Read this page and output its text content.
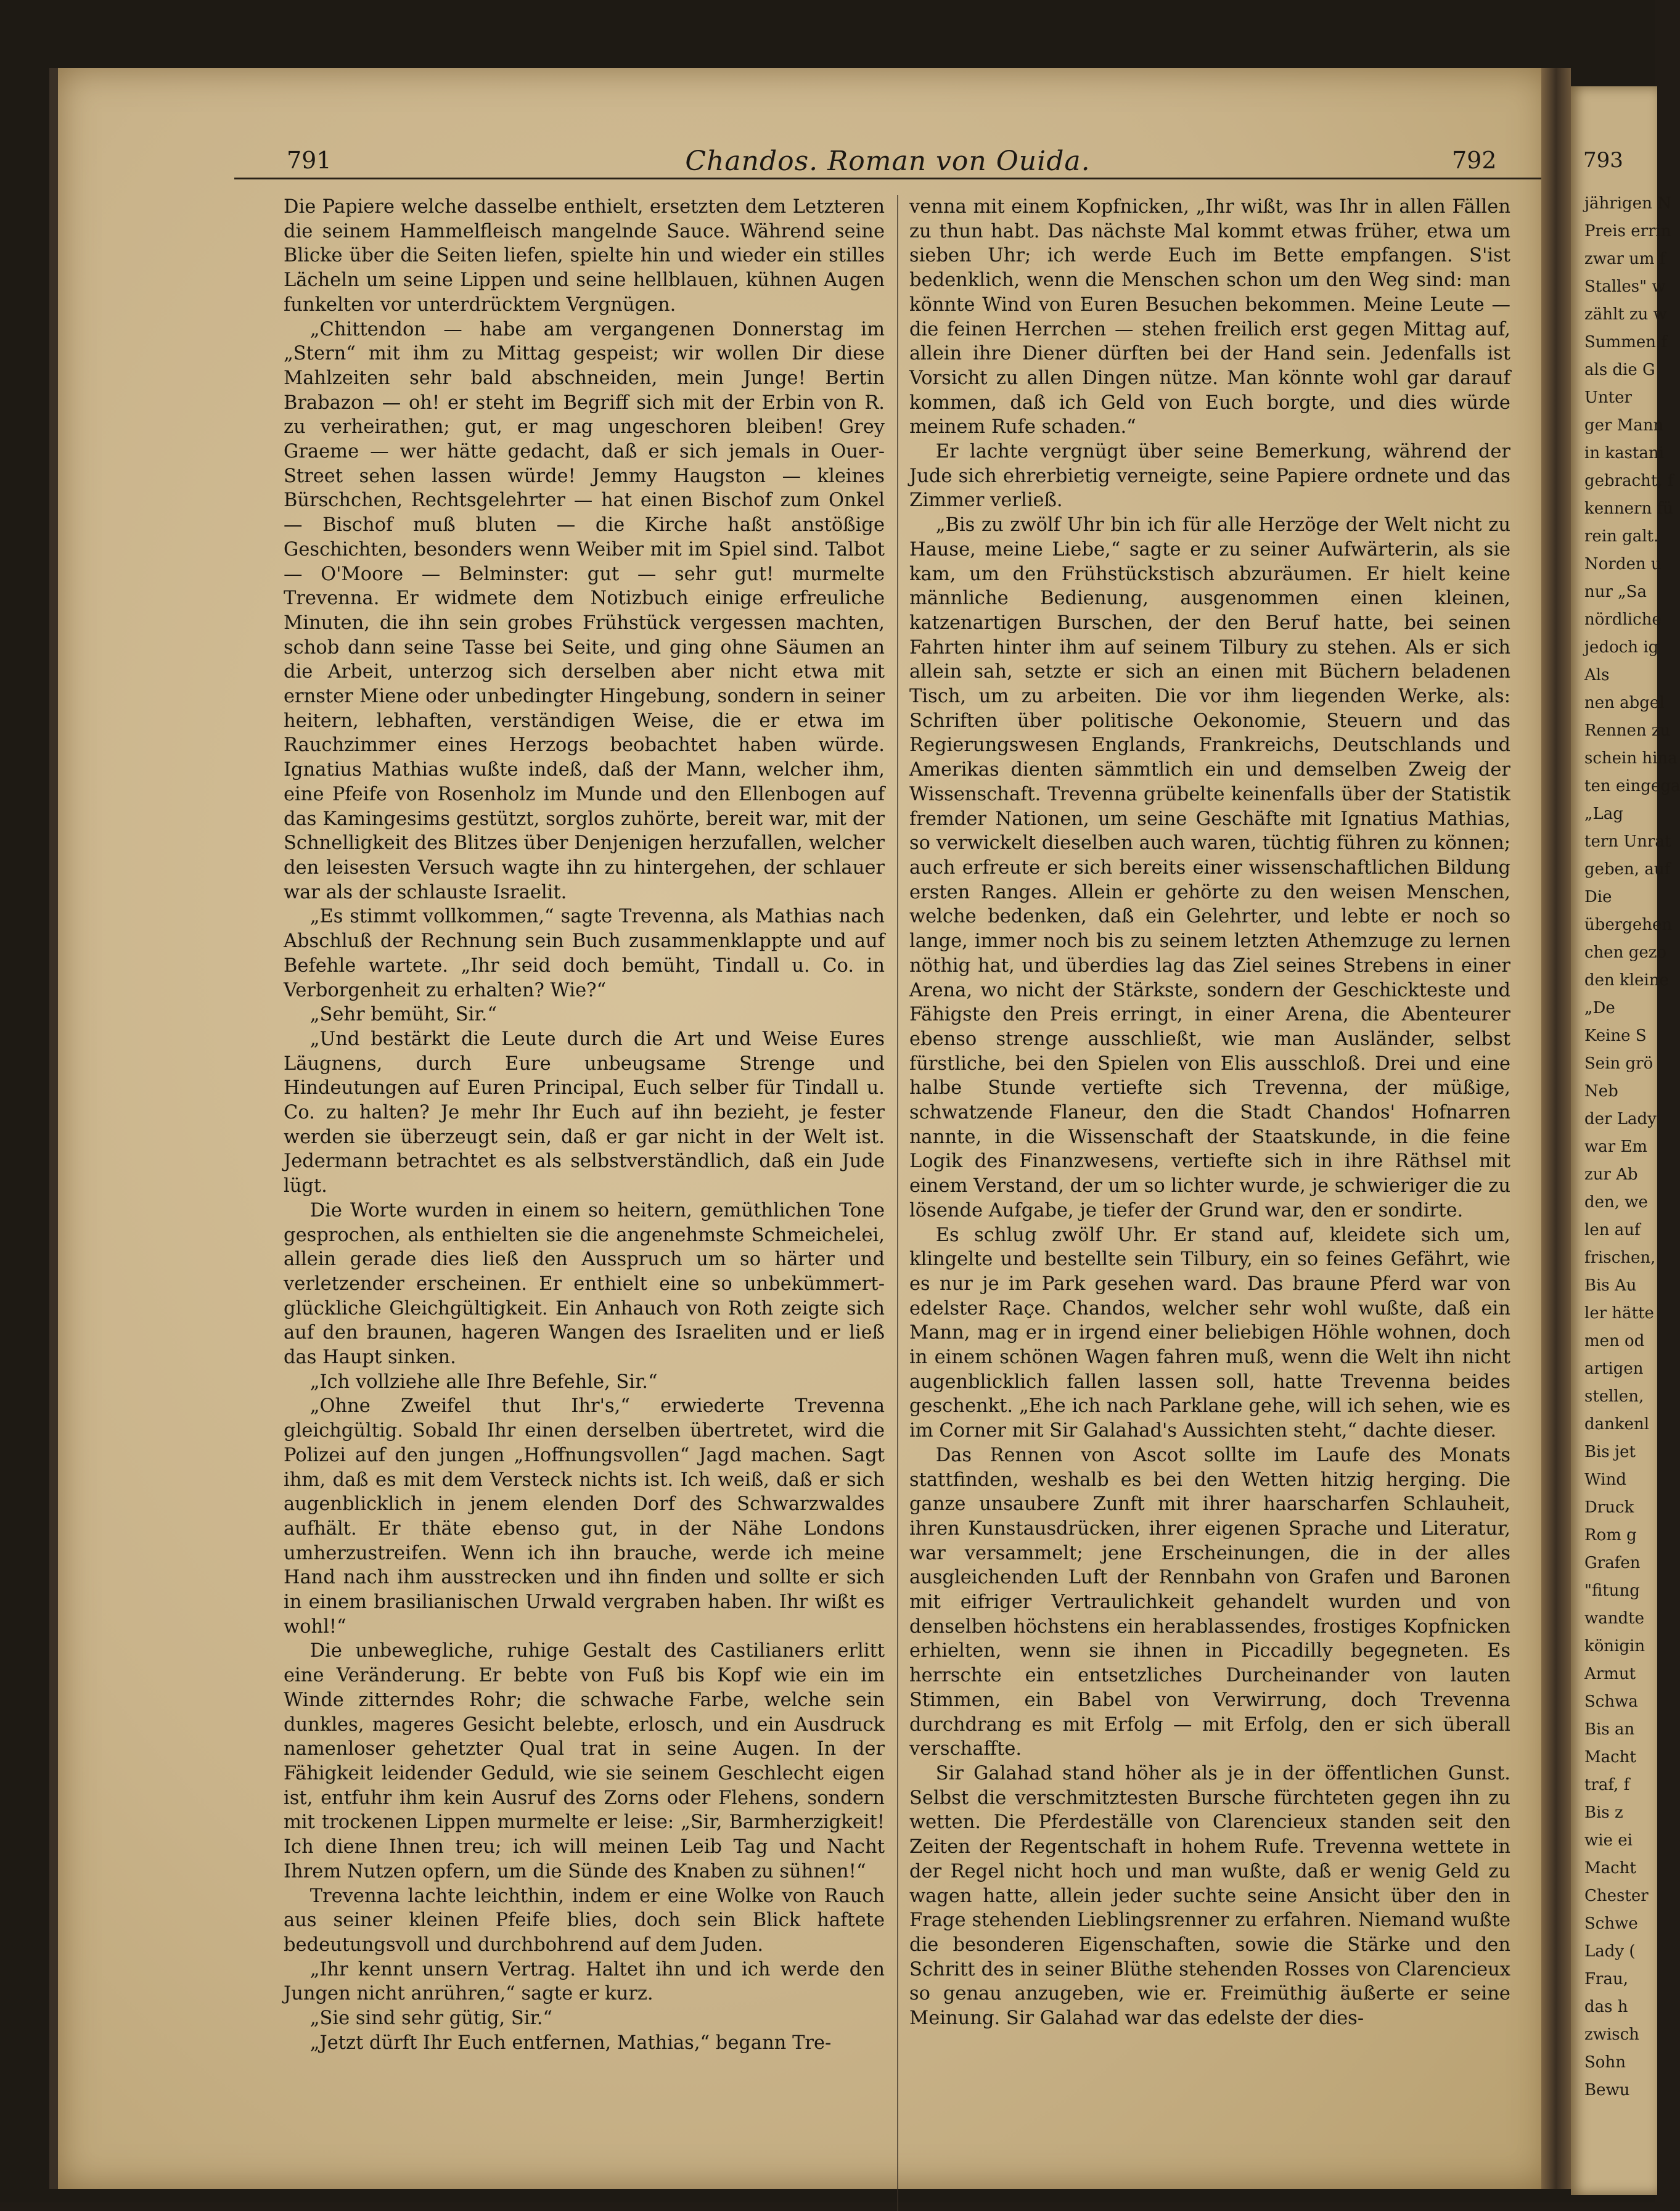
793
jährigen N
Preis errin
zwar um f
Stalles" w
zählt zu w
Summen f
als die G
Unter
ger Mann
in kastani
gebracht, f
kennern fü
rein galt.
Norden u
nur „Sa
nördliche
jedoch ig
Als
nen abgel
Rennen zu
schein hina
ten eingega
„Lag
tern Unrat
geben, auf
Die
übergehen
chen gezo
den kleine
„De
Keine S
Sein grö
Neb
der Lady
war Em
zur Ab
den, we
len auf
frischen,
Bis Au
ler hätte
men od
artigen
stellen,
dankenl
Bis jet
Wind
Druck
Rom g
Grafen
"fitung
wandte
königin
Armut
Schwa
Bis an
Macht
traf, f
Bis z
wie ei
Macht
Chester
Schwe
Lady (
Frau,
das h
zwisch
Sohn
Bewu
791	Chandos. Roman von Ouida.	792

Die Papiere welche dasselbe enthielt, ersetzten dem Letzteren die seinem Hammelfleisch mangelnde Sauce. Während seine Blicke über die Seiten liefen, spielte hin und wieder ein stilles Lächeln um seine Lippen und seine hellblauen, kühnen Augen funkelten vor unterdrücktem Vergnügen.

„Chittendon — habe am vergangenen Donnerstag im „Stern“ mit ihm zu Mittag gespeist; wir wollen Dir diese Mahlzeiten sehr bald abschneiden, mein Junge! Bertin Brabazon — oh! er steht im Begriff sich mit der Erbin von R. zu verheirathen; gut, er mag ungeschoren bleiben! Grey Graeme — wer hätte gedacht, daß er sich jemals in Ouer-Street sehen lassen würde! Jemmy Haugston — kleines Bürschchen, Rechtsgelehrter — hat einen Bischof zum Onkel — Bischof muß bluten — die Kirche haßt anstößige Geschichten, besonders wenn Weiber mit im Spiel sind. Talbot — O'Moore — Belminster: gut — sehr gut! murmelte Trevenna. Er widmete dem Notizbuch einige erfreuliche Minuten, die ihn sein grobes Frühstück vergessen machten, schob dann seine Tasse bei Seite, und ging ohne Säumen an die Arbeit, unterzog sich derselben aber nicht etwa mit ernster Miene oder unbedingter Hingebung, sondern in seiner heitern, lebhaften, verständigen Weise, die er etwa im Rauchzimmer eines Herzogs beobachtet haben würde. Ignatius Mathias wußte indeß, daß der Mann, welcher ihm, eine Pfeife von Rosenholz im Munde und den Ellenbogen auf das Kamingesims gestützt, sorglos zuhörte, bereit war, mit der Schnelligkeit des Blitzes über Denjenigen herzufallen, welcher den leisesten Versuch wagte ihn zu hintergehen, der schlauer war als der schlauste Israelit.

„Es stimmt vollkommen,“ sagte Trevenna, als Mathias nach Abschluß der Rechnung sein Buch zusammenklappte und auf Befehle wartete. „Ihr seid doch bemüht, Tindall u. Co. in Verborgenheit zu erhalten? Wie?“

„Sehr bemüht, Sir.“

„Und bestärkt die Leute durch die Art und Weise Eures Läugnens, durch Eure unbeugsame Strenge und Hindeutungen auf Euren Principal, Euch selber für Tindall u. Co. zu halten? Je mehr Ihr Euch auf ihn bezieht, je fester werden sie überzeugt sein, daß er gar nicht in der Welt ist. Jedermann betrachtet es als selbstverständlich, daß ein Jude lügt.

Die Worte wurden in einem so heitern, gemüthlichen Tone gesprochen, als enthielten sie die angenehmste Schmeichelei, allein gerade dies ließ den Ausspruch um so härter und verletzender erscheinen. Er enthielt eine so unbekümmert-glückliche Gleichgültigkeit. Ein Anhauch von Roth zeigte sich auf den braunen, hageren Wangen des Israeliten und er ließ das Haupt sinken.

„Ich vollziehe alle Ihre Befehle, Sir.“

„Ohne Zweifel thut Ihr's,“ erwiederte Trevenna gleichgültig. Sobald Ihr einen derselben übertretet, wird die Polizei auf den jungen „Hoffnungsvollen“ Jagd machen. Sagt ihm, daß es mit dem Versteck nichts ist. Ich weiß, daß er sich augenblicklich in jenem elenden Dorf des Schwarzwaldes aufhält. Er thäte ebenso gut, in der Nähe Londons umherzustreifen. Wenn ich ihn brauche, werde ich meine Hand nach ihm ausstrecken und ihn finden und sollte er sich in einem brasilianischen Urwald vergraben haben. Ihr wißt es wohl!“

Die unbewegliche, ruhige Gestalt des Castilianers erlitt eine Veränderung. Er bebte von Fuß bis Kopf wie ein im Winde zitterndes Rohr; die schwache Farbe, welche sein dunkles, mageres Gesicht belebte, erlosch, und ein Ausdruck namenloser gehetzter Qual trat in seine Augen. In der Fähigkeit leidender Geduld, wie sie seinem Geschlecht eigen ist, entfuhr ihm kein Ausruf des Zorns oder Flehens, sondern mit trockenen Lippen murmelte er leise: „Sir, Barmherzigkeit! Ich diene Ihnen treu; ich will meinen Leib Tag und Nacht Ihrem Nutzen opfern, um die Sünde des Knaben zu sühnen!“

Trevenna lachte leichthin, indem er eine Wolke von Rauch aus seiner kleinen Pfeife blies, doch sein Blick haftete bedeutungsvoll und durchbohrend auf dem Juden.

„Ihr kennt unsern Vertrag. Haltet ihn und ich werde den Jungen nicht anrühren,“ sagte er kurz.

„Sie sind sehr gütig, Sir.“

„Jetzt dürft Ihr Euch entfernen, Mathias,“ begann Tre-

venna mit einem Kopfnicken, „Ihr wißt, was Ihr in allen Fällen zu thun habt. Das nächste Mal kommt etwas früher, etwa um sieben Uhr; ich werde Euch im Bette empfangen. S'ist bedenklich, wenn die Menschen schon um den Weg sind: man könnte Wind von Euren Besuchen bekommen. Meine Leute — die feinen Herrchen — stehen freilich erst gegen Mittag auf, allein ihre Diener dürften bei der Hand sein. Jedenfalls ist Vorsicht zu allen Dingen nütze. Man könnte wohl gar darauf kommen, daß ich Geld von Euch borgte, und dies würde meinem Rufe schaden.“

Er lachte vergnügt über seine Bemerkung, während der Jude sich ehrerbietig verneigte, seine Papiere ordnete und das Zimmer verließ.

„Bis zu zwölf Uhr bin ich für alle Herzöge der Welt nicht zu Hause, meine Liebe,“ sagte er zu seiner Aufwärterin, als sie kam, um den Frühstückstisch abzuräumen. Er hielt keine männliche Bedienung, ausgenommen einen kleinen, katzenartigen Burschen, der den Beruf hatte, bei seinen Fahrten hinter ihm auf seinem Tilbury zu stehen. Als er sich allein sah, setzte er sich an einen mit Büchern beladenen Tisch, um zu arbeiten. Die vor ihm liegenden Werke, als: Schriften über politische Oekonomie, Steuern und das Regierungswesen Englands, Frankreichs, Deutschlands und Amerikas dienten sämmtlich ein und demselben Zweig der Wissenschaft. Trevenna grübelte keinenfalls über der Statistik fremder Nationen, um seine Geschäfte mit Ignatius Mathias, so verwickelt dieselben auch waren, tüchtig führen zu können; auch erfreute er sich bereits einer wissenschaftlichen Bildung ersten Ranges. Allein er gehörte zu den weisen Menschen, welche bedenken, daß ein Gelehrter, und lebte er noch so lange, immer noch bis zu seinem letzten Athemzuge zu lernen nöthig hat, und überdies lag das Ziel seines Strebens in einer Arena, wo nicht der Stärkste, sondern der Geschickteste und Fähigste den Preis erringt, in einer Arena, die Abenteurer ebenso strenge ausschließt, wie man Ausländer, selbst fürstliche, bei den Spielen von Elis ausschloß. Drei und eine halbe Stunde vertiefte sich Trevenna, der müßige, schwatzende Flaneur, den die Stadt Chandos' Hofnarren nannte, in die Wissenschaft der Staatskunde, in die feine Logik des Finanzwesens, vertiefte sich in ihre Räthsel mit einem Verstand, der um so lichter wurde, je schwieriger die zu lösende Aufgabe, je tiefer der Grund war, den er sondirte.

Es schlug zwölf Uhr. Er stand auf, kleidete sich um, klingelte und bestellte sein Tilbury, ein so feines Gefährt, wie es nur je im Park gesehen ward. Das braune Pferd war von edelster Raçe. Chandos, welcher sehr wohl wußte, daß ein Mann, mag er in irgend einer beliebigen Höhle wohnen, doch in einem schönen Wagen fahren muß, wenn die Welt ihn nicht augenblicklich fallen lassen soll, hatte Trevenna beides geschenkt. „Ehe ich nach Parklane gehe, will ich sehen, wie es im Corner mit Sir Galahad's Aussichten steht,“ dachte dieser.

Das Rennen von Ascot sollte im Laufe des Monats stattfinden, weshalb es bei den Wetten hitzig herging. Die ganze unsaubere Zunft mit ihrer haarscharfen Schlauheit, ihren Kunstausdrücken, ihrer eigenen Sprache und Literatur, war versammelt; jene Erscheinungen, die in der alles ausgleichenden Luft der Rennbahn von Grafen und Baronen mit eifriger Vertraulichkeit gehandelt wurden und von denselben höchstens ein herablassendes, frostiges Kopfnicken erhielten, wenn sie ihnen in Piccadilly begegneten. Es herrschte ein entsetzliches Durcheinander von lauten Stimmen, ein Babel von Verwirrung, doch Trevenna durchdrang es mit Erfolg — mit Erfolg, den er sich überall verschaffte.

Sir Galahad stand höher als je in der öffentlichen Gunst. Selbst die verschmitztesten Bursche fürchteten gegen ihn zu wetten. Die Pferdeställe von Clarencieux standen seit den Zeiten der Regentschaft in hohem Rufe. Trevenna wettete in der Regel nicht hoch und man wußte, daß er wenig Geld zu wagen hatte, allein jeder suchte seine Ansicht über den in Frage stehenden Lieblingsrenner zu erfahren. Niemand wußte die besonderen Eigenschaften, sowie die Stärke und den Schritt des in seiner Blüthe stehenden Rosses von Clarencieux so genau anzugeben, wie er. Freimüthig äußerte er seine Meinung. Sir Galahad war das edelste der dies-
